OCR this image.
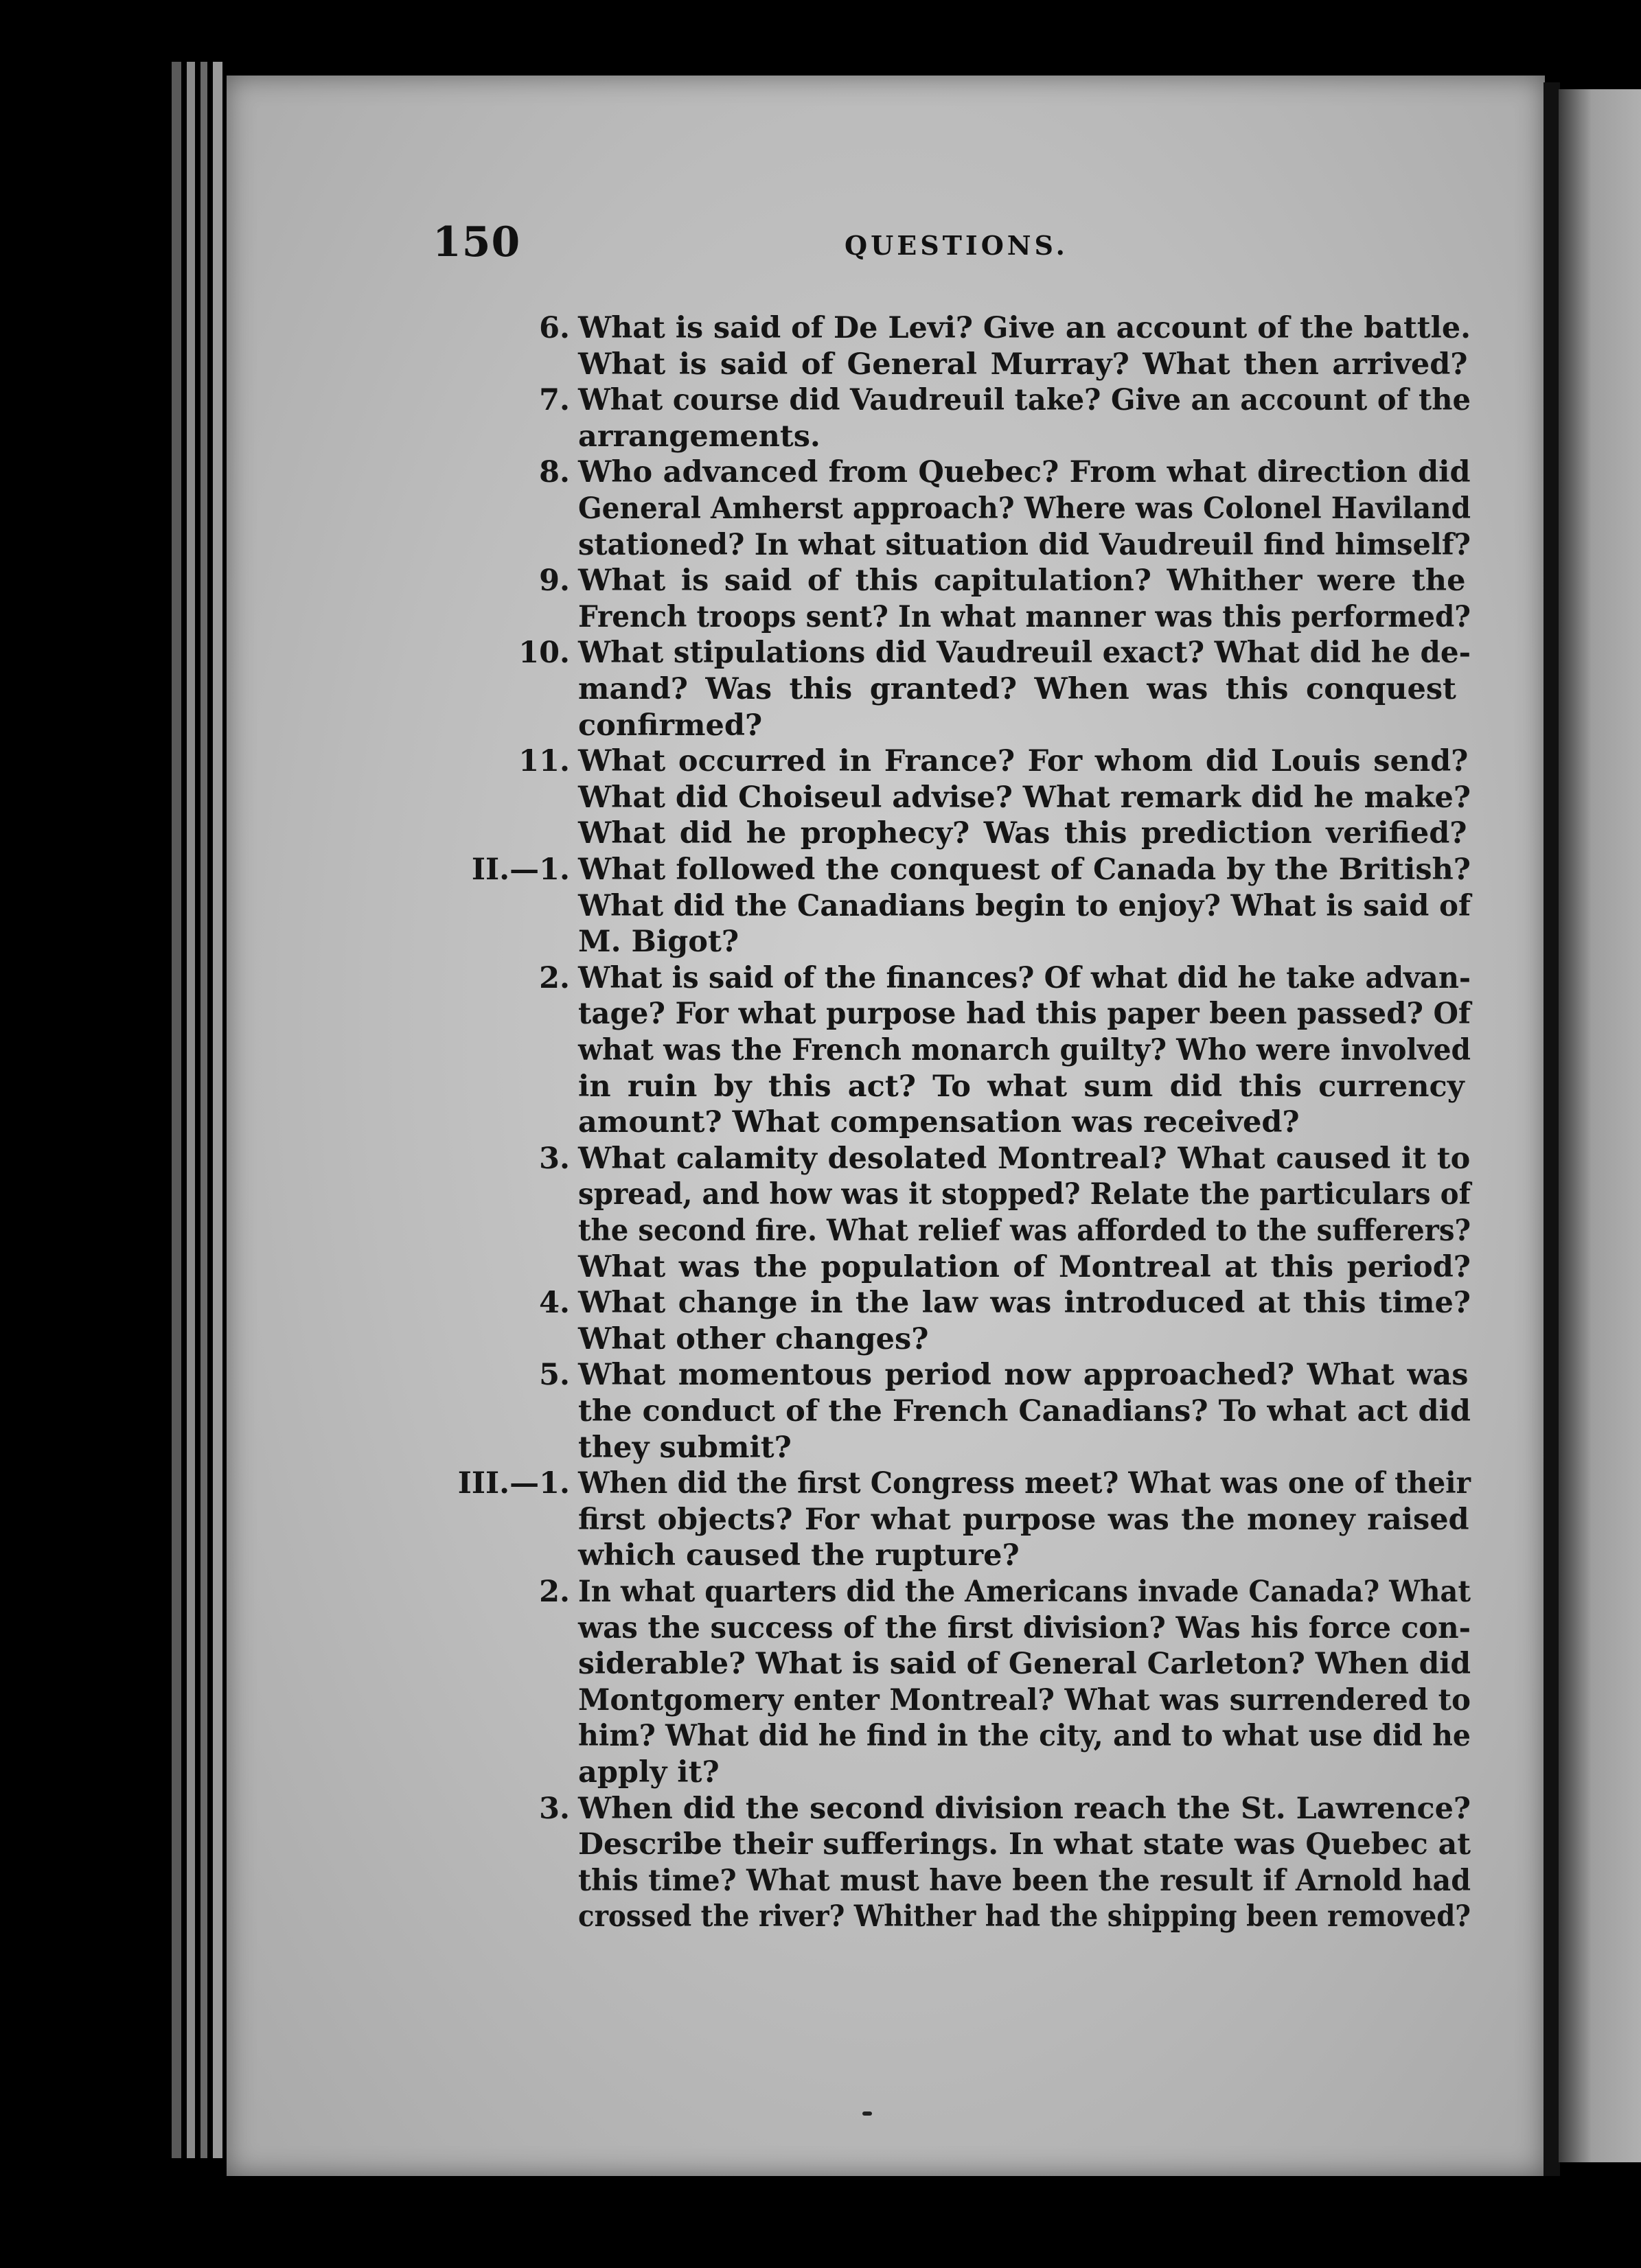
150	QUESTIONS.
6. What is said of De Levi? Give an account of the battle.
What is said of General Murray? What then arrived?
7. What course did Vaudreuil take? Give an account of the
arrangements.
8. Who advanced from Quebec? From what direction did
General Amherst approach? Where was Colonel Haviland
stationed? In what situation did Vaudreuil find himself?
9. What is said of this capitulation? Whither were the
French troops sent? In what manner was this performed?
10. What stipulations did Vaudreuil exact? What did he de-
mand? Was this granted? When was this conquest
confirmed?
11. What occurred in France? For whom did Louis send?
What did Choiseul advise? What remark did he make?
What did he prophecy? Was this prediction verified?
II.—1. What followed the conquest of Canada by the British?
What did the Canadians begin to enjoy? What is said of
M. Bigot?
2. What is said of the finances? Of what did he take advan-
tage? For what purpose had this paper been passed? Of
what was the French monarch guilty? Who were involved
in ruin by this act? To what sum did this currency
amount? What compensation was received?
3. What calamity desolated Montreal? What caused it to
spread, and how was it stopped? Relate the particulars of
the second fire. What relief was afforded to the sufferers?
What was the population of Montreal at this period?
4. What change in the law was introduced at this time?
What other changes?
5. What momentous period now approached? What was
the conduct of the French Canadians? To what act did
they submit?
III.—1. When did the first Congress meet? What was one of their
first objects? For what purpose was the money raised
which caused the rupture?
2. In what quarters did the Americans invade Canada? What
was the success of the first division? Was his force con-
siderable? What is said of General Carleton? When did
Montgomery enter Montreal? What was surrendered to
him? What did he find in the city, and to what use did he
apply it?
3. When did the second division reach the St. Lawrence?
Describe their sufferings. In what state was Quebec at
this time? What must have been the result if Arnold had
crossed the river? Whither had the shipping been removed?
